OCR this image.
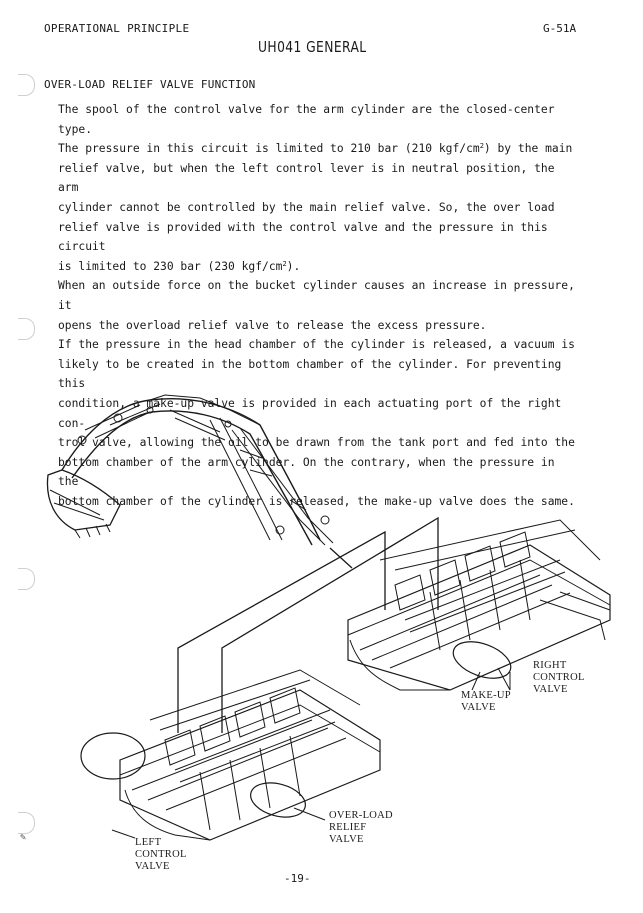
OPERATIONAL PRINCIPLE	G-51A
UH041 GENERAL
OVER-LOAD RELIEF VALVE FUNCTION

The spool of the control valve for the arm cylinder are the closed-center type.

The pressure in this circuit is limited to 210 bar (210 kgf/$cm^2$) by the main

relief valve, but when the left control lever is in neutral position, the arm

cylinder cannot be controlled by the main relief valve. So, the over load

relief valve is provided with the control valve and the pressure in this circuit

is limited to 230 bar (230 kgf/$cm^2$).

When an outside force on the bucket cylinder causes an increase in pressure, it

opens the overload relief valve to release the excess pressure.

If the pressure in the head chamber of the cylinder is released, a vacuum is

likely to be created in the bottom chamber of the cylinder. For preventing this

condition, a make-up valve is provided in each actuating port of the right con-

trol valve, allowing the oil to be drawn from the tank port and fed into the

bottom chamber of the arm cylinder. On the contrary, when the pressure in the

bottom chamber of the cylinder is released, the make-up valve does the same.

RIGHT
CONTROL
VALVE
MAKE-UP
VALVE
OVER-LOAD
RELIEF
VALVE
LEFT
CONTROL
VALVE
✎
-19-
